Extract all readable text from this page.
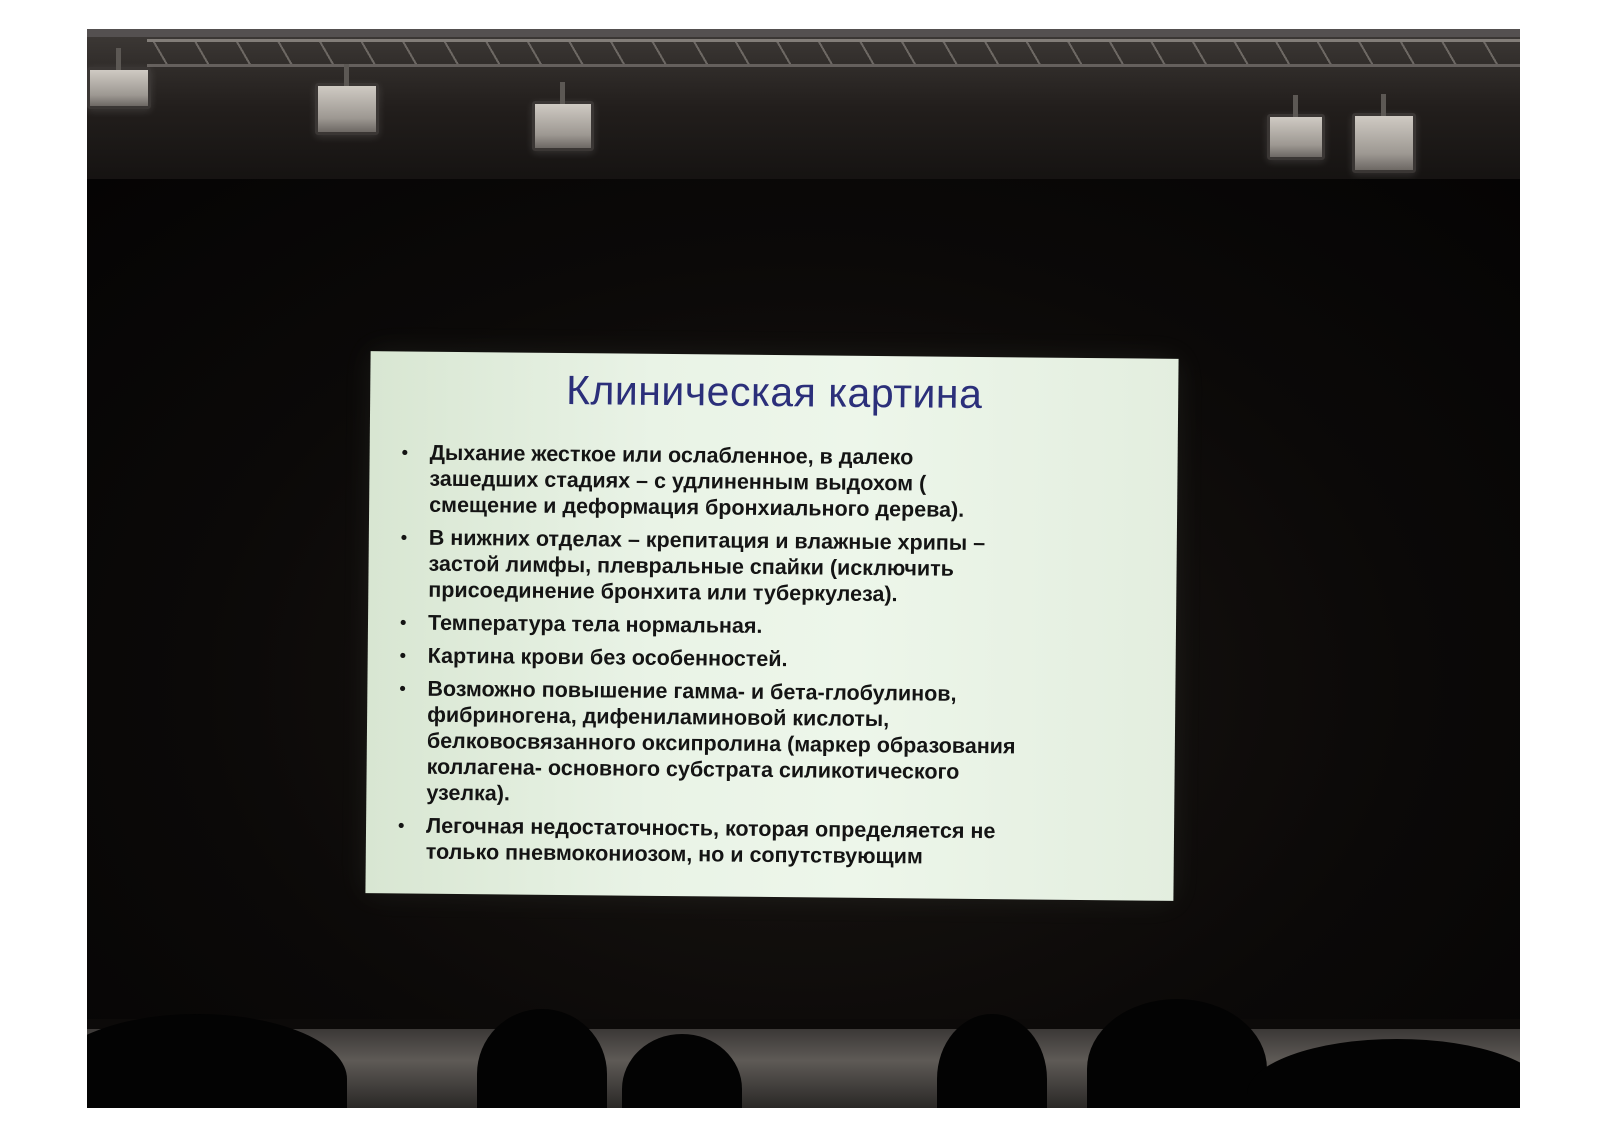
Клиническая картина
• Дыхание жесткое или ослабленное, в далеко
зашедших стадиях – с удлиненным выдохом (
смещение и деформация бронхиального дерева).
• В нижних отделах – крепитация и влажные хрипы –
застой лимфы, плевральные спайки (исключить
присоединение бронхита или туберкулеза).
• Температура тела нормальная.
• Картина крови без особенностей.
• Возможно повышение гамма- и бета-глобулинов,
фибриногена, дифениламиновой кислоты,
белковосвязанного оксипролина (маркер образования
коллагена- основного субстрата силикотического
узелка).
• Легочная недостаточность, которая определяется не
только пневмокониозом, но и сопутствующим
